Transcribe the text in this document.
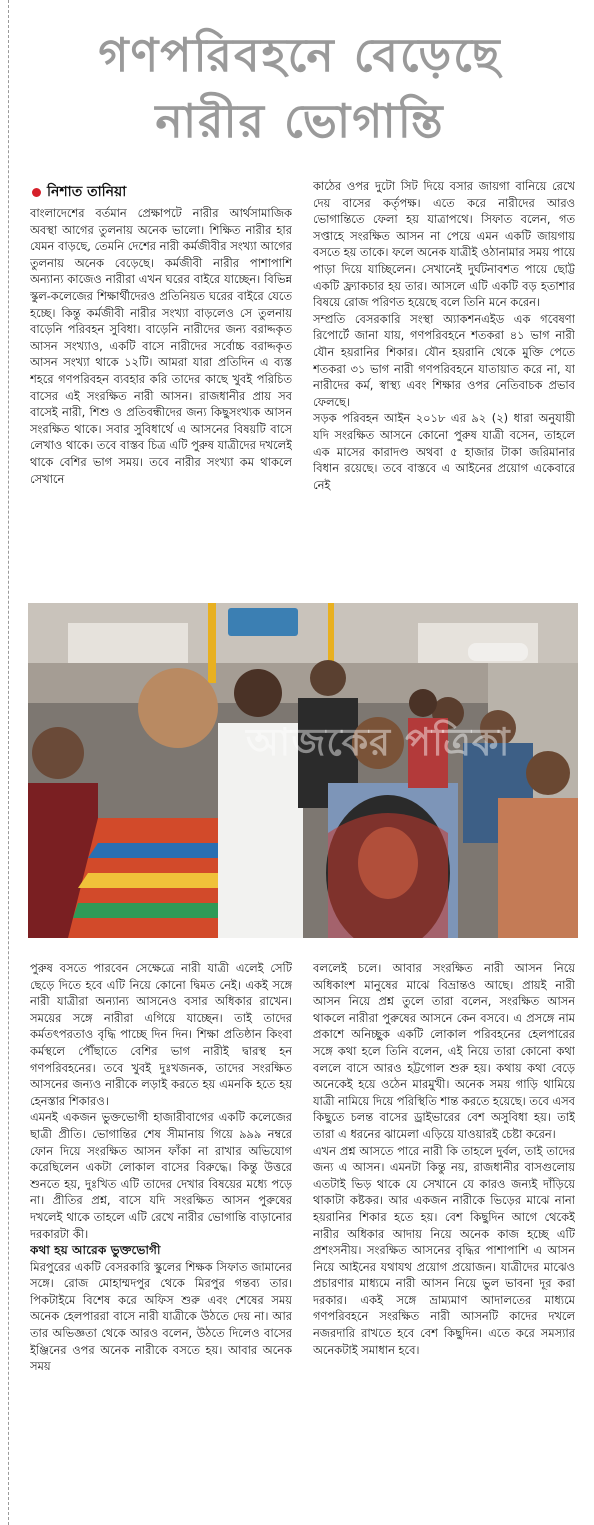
গণপরিবহনে বেড়েছে
নারীর ভোগান্তি
নিশাত তানিয়া

বাংলাদেশের বর্তমান প্রেক্ষাপটে নারীর আর্থসামাজিক অবস্থা আগের তুলনায় অনেক ভালো। শিক্ষিত নারীর হার যেমন বাড়ছে, তেমনি দেশের নারী কর্মজীবীর সংখ্যা আগের তুলনায় অনেক বেড়েছে। কর্মজীবী নারীর পাশাপাশি অন্যান্য কাজেও নারীরা এখন ঘরের বাইরে যাচ্ছেন। বিভিন্ন স্কুল-কলেজের শিক্ষার্থীদেরও প্রতিনিয়ত ঘরের বাইরে যেতে হচ্ছে। কিন্তু কর্মজীবী নারীর সংখ্যা বাড়লেও সে তুলনায় বাড়েনি পরিবহন সুবিধা। বাড়েনি নারীদের জন্য বরাদ্দকৃত আসন সংখ্যাও, একটি বাসে নারীদের সর্বোচ্চ বরাদ্দকৃত আসন সংখ্যা থাকে ১২টি। আমরা যারা প্রতিদিন এ ব্যস্ত শহরে গণপরিবহন ব্যবহার করি তাদের কাছে খুবই পরিচিত বাসের এই সংরক্ষিত নারী আসন। রাজধানীর প্রায় সব বাসেই নারী, শিশু ও প্রতিবন্ধীদের জন্য কিছুসংখ্যক আসন সংরক্ষিত থাকে। সবার সুবিধার্থে এ আসনের বিষয়টি বাসে লেখাও থাকে। তবে বাস্তব চিত্র এটি পুরুষ যাত্রীদের দখলেই থাকে বেশির ভাগ সময়। তবে নারীর সংখ্যা কম থাকলে সেখানে

কাঠের ওপর দুটো সিট দিয়ে বসার জায়গা বানিয়ে রেখে দেয় বাসের কর্তৃপক্ষ। এতে করে নারীদের আরও ভোগান্তিতে ফেলা হয় যাত্রাপথে। সিফাত বলেন, গত সপ্তাহে সংরক্ষিত আসন না পেয়ে এমন একটি জায়গায় বসতে হয় তাকে। ফলে অনেক যাত্রীই ওঠানামার সময় পায়ে পাড়া দিয়ে যাচ্ছিলেন। সেখানেই দুর্ঘটনাবশত পায়ে ছোট্ট একটি ফ্র্যাকচার হয় তার। আসলে এটি একটি বড় হতাশার বিষয়ে রোজ পরিণত হয়েছে বলে তিনি মনে করেন।

সম্প্রতি বেসরকারি সংস্থা অ্যাকশনএইড এক গবেষণা রিপোর্টে জানা যায়, গণপরিবহনে শতকরা ৪১ ভাগ নারী যৌন হয়রানির শিকার। যৌন হয়রানি থেকে মুক্তি পেতে শতকরা ৩১ ভাগ নারী গণপরিবহনে যাতায়াত করে না, যা নারীদের কর্ম, স্বাস্থ্য এবং শিক্ষার ওপর নেতিবাচক প্রভাব ফেলছে।

সড়ক পরিবহন আইন ২০১৮ এর ৯২ (২) ধারা অনুযায়ী যদি সংরক্ষিত আসনে কোনো পুরুষ যাত্রী বসেন, তাহলে এক মাসের কারাদণ্ড অথবা ৫ হাজার টাকা জরিমানার বিধান রয়েছে। তবে বাস্তবে এ আইনের প্রয়োগ একেবারে নেই

আজকের পত্রিকা

পুরুষ বসতে পারবেন সেক্ষেত্রে নারী যাত্রী এলেই সেটি ছেড়ে দিতে হবে এটি নিয়ে কোনো দ্বিমত নেই। একই সঙ্গে নারী যাত্রীরা অন্যান্য আসনেও বসার অধিকার রাখেন। সময়ের সঙ্গে নারীরা এগিয়ে যাচ্ছেন। তাই তাদের কর্মতৎপরতাও বৃদ্ধি পাচ্ছে দিন দিন। শিক্ষা প্রতিষ্ঠান কিংবা কর্মস্থলে পৌঁছাতে বেশির ভাগ নারীই দ্বারস্থ হন গণপরিবহনের। তবে খুবই দুঃখজনক, তাদের সংরক্ষিত আসনের জন্যও নারীকে লড়াই করতে হয় এমনকি হতে হয় হেনস্তার শিকারও।

এমনই একজন ভুক্তভোগী হাজারীবাগের একটি কলেজের ছাত্রী প্রীতি। ভোগান্তির শেষ সীমানায় গিয়ে ৯৯৯ নম্বরে ফোন দিয়ে সংরক্ষিত আসন ফাঁকা না রাখার অভিযোগ করেছিলেন একটা লোকাল বাসের বিরুদ্ধে। কিন্তু উত্তরে শুনতে হয়, দুঃখিত এটি তাদের দেখার বিষয়ের মধ্যে পড়ে না। প্রীতির প্রশ্ন, বাসে যদি সংরক্ষিত আসন পুরুষের দখলেই থাকে তাহলে এটি রেখে নারীর ভোগান্তি বাড়ানোর দরকারটা কী।

কথা হয় আরেক ভুক্তভোগী

মিরপুরের একটি বেসরকারি স্কুলের শিক্ষক সিফাত জামানের সঙ্গে। রোজ মোহাম্মদপুর থেকে মিরপুর গন্তব্য তার। পিকটাইমে বিশেষ করে অফিস শুরু এবং শেষের সময় অনেক হেলপাররা বাসে নারী যাত্রীকে উঠতে দেয় না। আর তার অভিজ্ঞতা থেকে আরও বলেন, উঠতে দিলেও বাসের ইঞ্জিনের ওপর অনেক নারীকে বসতে হয়। আবার অনেক সময়

বললেই চলে। আবার সংরক্ষিত নারী আসন নিয়ে অধিকাংশ মানুষের মাঝে বিভ্রান্তও আছে। প্রায়ই নারী আসন নিয়ে প্রশ্ন তুলে তারা বলেন, সংরক্ষিত আসন থাকলে নারীরা পুরুষের আসনে কেন বসবে। এ প্রসঙ্গে নাম প্রকাশে অনিচ্ছুক একটি লোকাল পরিবহনের হেলপারের সঙ্গে কথা হলে তিনি বলেন, এই নিয়ে তারা কোনো কথা বললে বাসে আরও হট্টগোল শুরু হয়। কথায় কথা বেড়ে অনেকেই হয়ে ওঠেন মারমুখী। অনেক সময় গাড়ি থামিয়ে যাত্রী নামিয়ে দিয়ে পরিস্থিতি শান্ত করতে হয়েছে। তবে এসব কিছুতে চলন্ত বাসের ড্রাইভারের বেশ অসুবিধা হয়। তাই তারা এ ধরনের ঝামেলা এড়িয়ে যাওয়ারই চেষ্টা করেন।

এখন প্রশ্ন আসতে পারে নারী কি তাহলে দুর্বল, তাই তাদের জন্য এ আসন। এমনটা কিন্তু নয়, রাজধানীর বাসগুলোয় এতটাই ভিড় থাকে যে সেখানে যে কারও জন্যই দাঁড়িয়ে থাকাটা কষ্টকর। আর একজন নারীকে ভিড়ের মাঝে নানা হয়রানির শিকার হতে হয়। বেশ কিছুদিন আগে থেকেই নারীর অধিকার আদায় নিয়ে অনেক কাজ হচ্ছে এটি প্রশংসনীয়। সংরক্ষিত আসনের বৃদ্ধির পাশাপাশি এ আসন নিয়ে আইনের যথাযথ প্রয়োগ প্রয়োজন। যাত্রীদের মাঝেও প্রচারণার মাধ্যমে নারী আসন নিয়ে ভুল ভাবনা দূর করা দরকার। একই সঙ্গে ভ্রাম্যমাণ আদালতের মাধ্যমে গণপরিবহনে সংরক্ষিত নারী আসনটি কাদের দখলে নজরদারি রাখতে হবে বেশ কিছুদিন। এতে করে সমস্যার অনেকটাই সমাধান হবে।
